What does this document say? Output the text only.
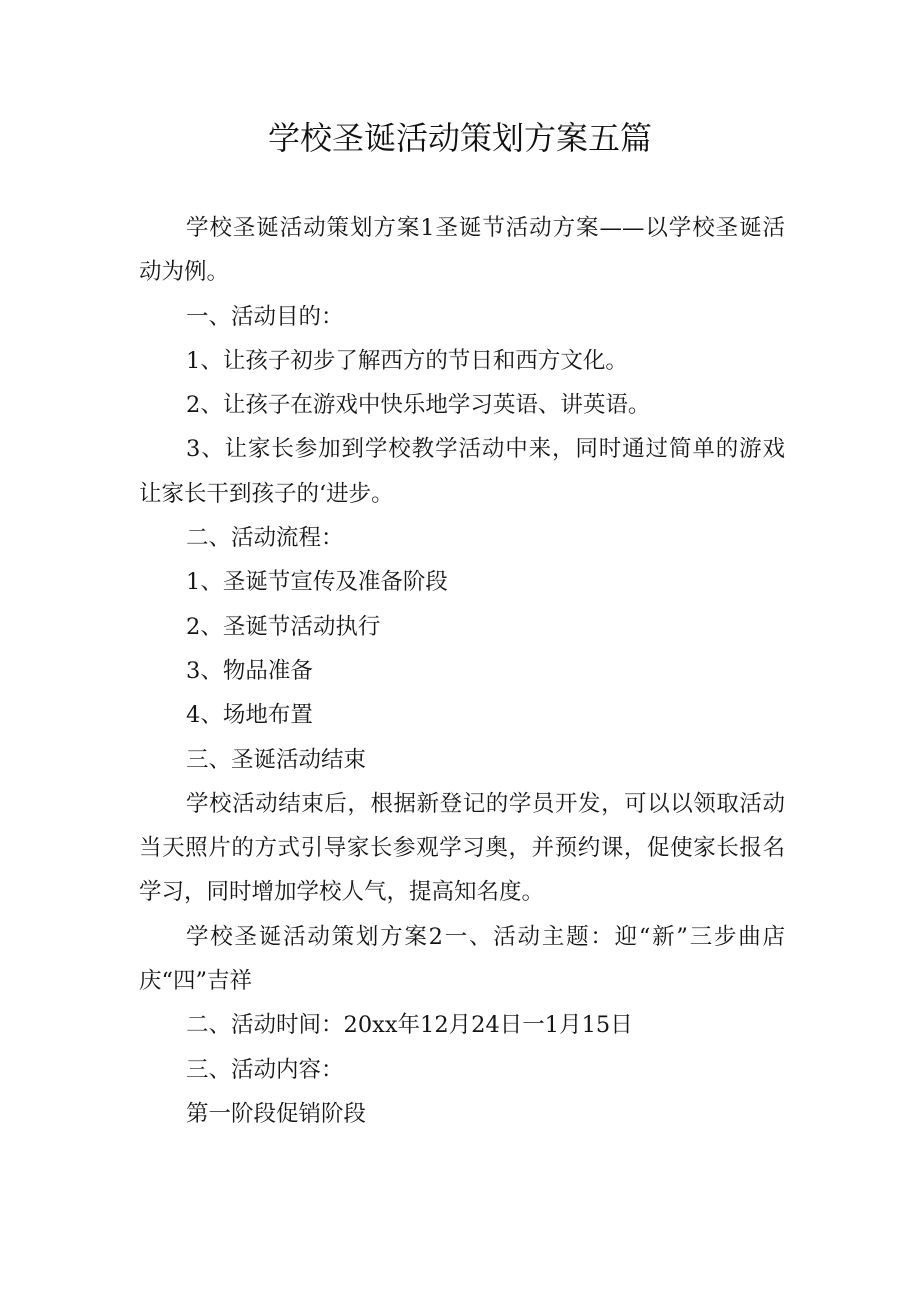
学校圣诞活动策划方案五篇

学校圣诞活动策划方案1圣诞节活动方案——以学校圣诞活动为例。

一、活动目的：

1、让孩子初步了解西方的节日和西方文化。

2、让孩子在游戏中快乐地学习英语、讲英语。

3、让家长参加到学校教学活动中来，同时通过简单的游戏让家长干到孩子的‘进步。

二、活动流程：

1、圣诞节宣传及准备阶段

2、圣诞节活动执行

3、物品准备

4、场地布置

三、圣诞活动结束

学校活动结束后，根据新登记的学员开发，可以以领取活动当天照片的方式引导家长参观学习奥，并预约课，促使家长报名学习，同时增加学校人气，提高知名度。

学校圣诞活动策划方案2一、活动主题：迎“新”三步曲店庆“四”吉祥

二、活动时间：20xx年12月24日一1月15日

三、活动内容：

第一阶段促销阶段
